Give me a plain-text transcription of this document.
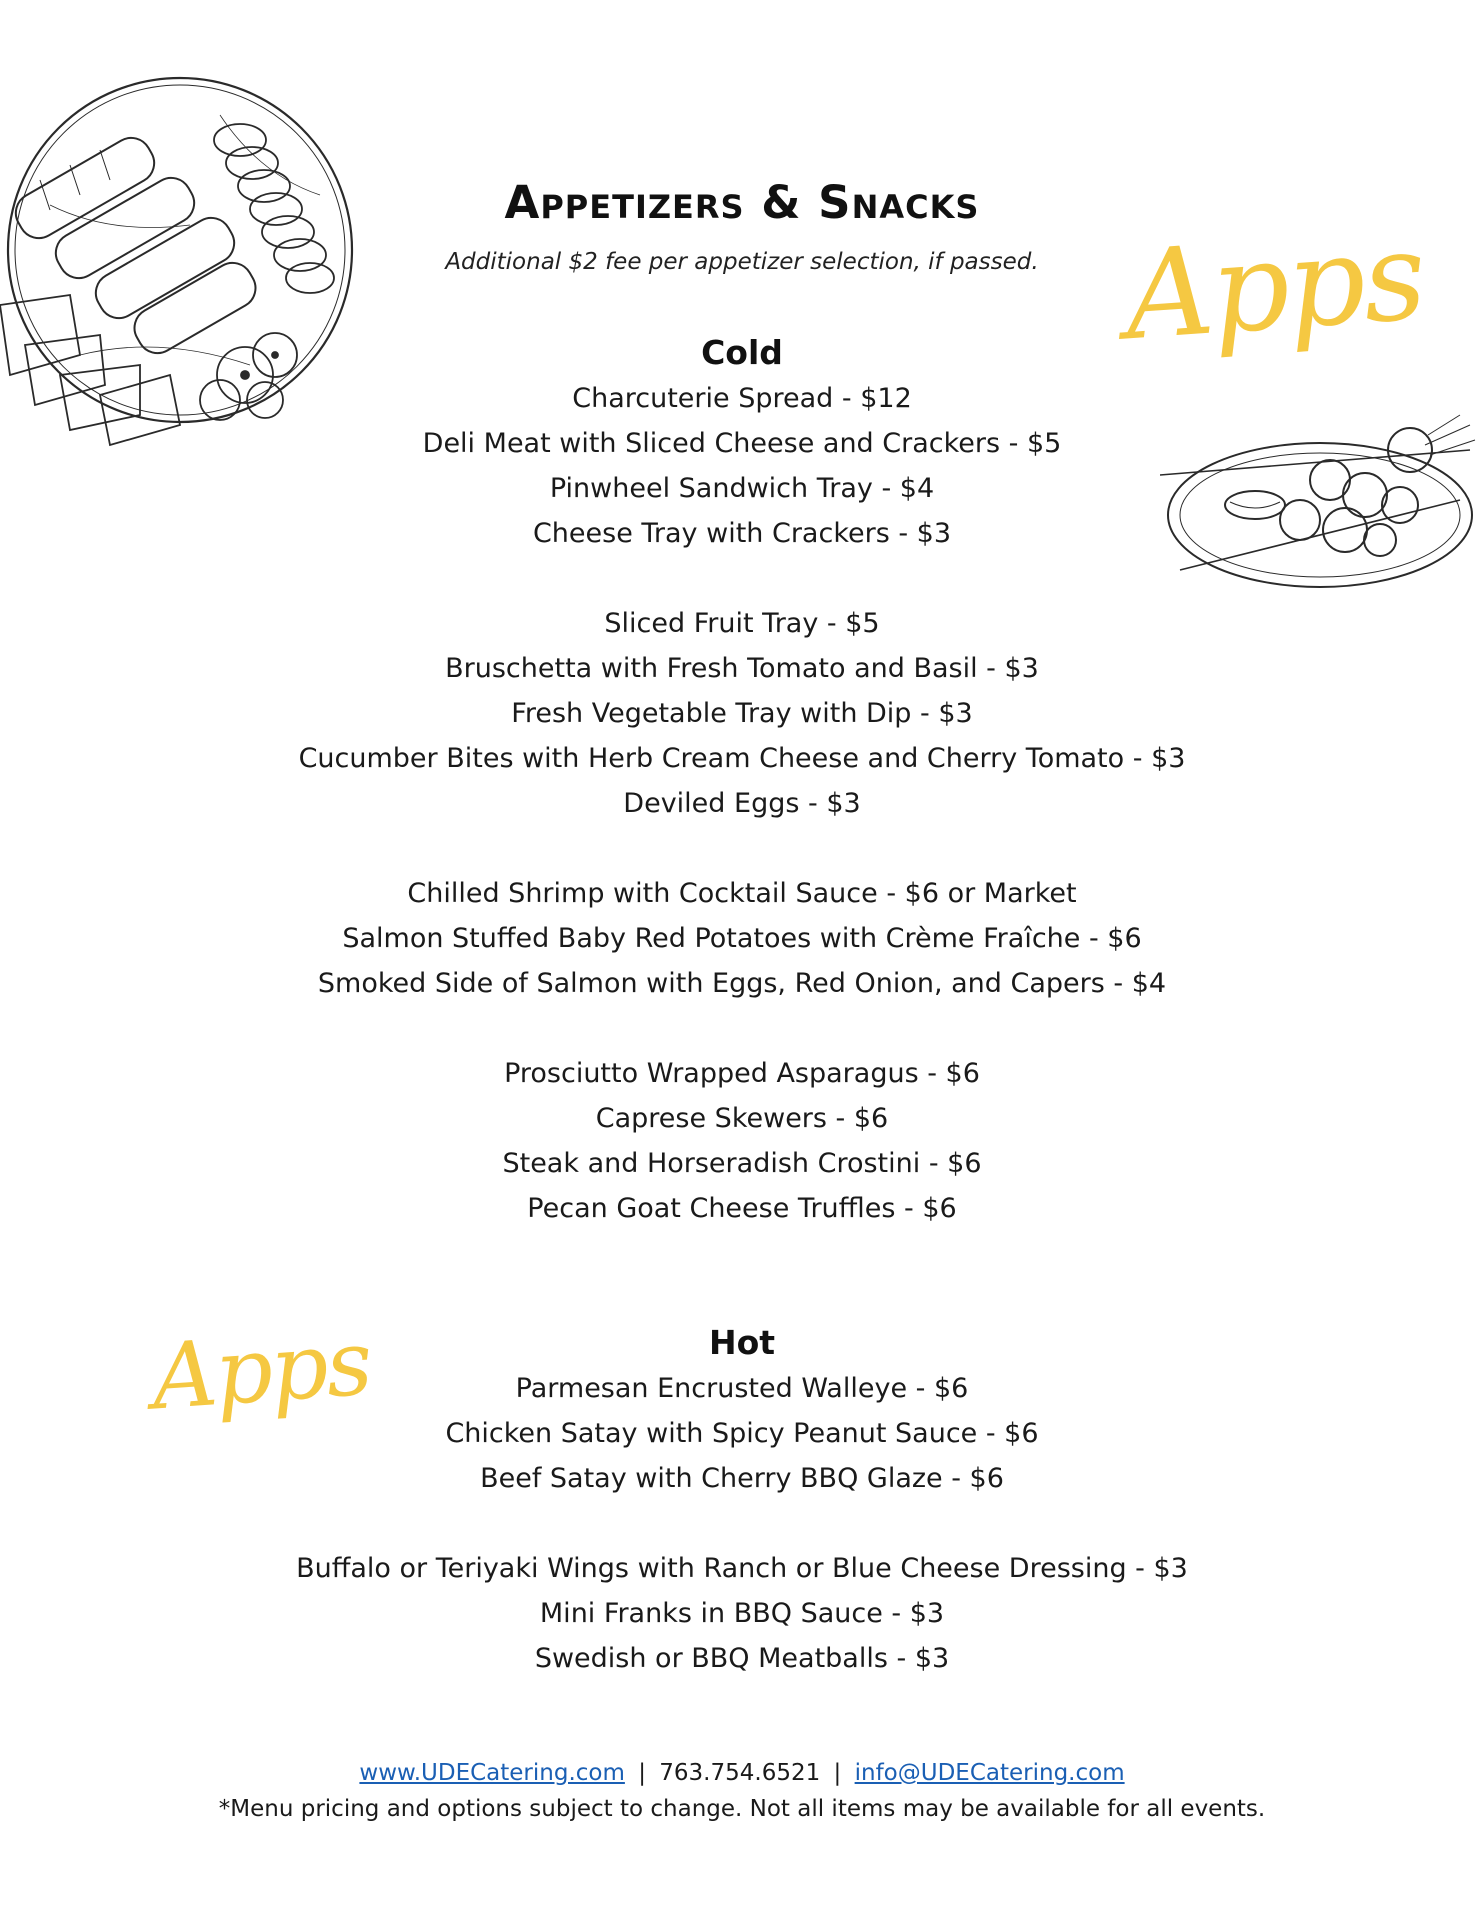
Apps
Apps
Appetizers & Snacks
Additional $2 fee per appetizer selection, if passed.
Cold
Charcuterie Spread - $12
Deli Meat with Sliced Cheese and Crackers - $5
Pinwheel Sandwich Tray - $4
Cheese Tray with Crackers - $3
Sliced Fruit Tray - $5
Bruschetta with Fresh Tomato and Basil - $3
Fresh Vegetable Tray with Dip - $3
Cucumber Bites with Herb Cream Cheese and Cherry Tomato - $3
Deviled Eggs - $3
Chilled Shrimp with Cocktail Sauce - $6 or Market
Salmon Stuffed Baby Red Potatoes with Crème Fraîche - $6
Smoked Side of Salmon with Eggs, Red Onion, and Capers - $4
Prosciutto Wrapped Asparagus - $6
Caprese Skewers - $6
Steak and Horseradish Crostini - $6
Pecan Goat Cheese Truffles - $6
Hot
Parmesan Encrusted Walleye - $6
Chicken Satay with Spicy Peanut Sauce - $6
Beef Satay with Cherry BBQ Glaze - $6
Buffalo or Teriyaki Wings with Ranch or Blue Cheese Dressing - $3
Mini Franks in BBQ Sauce - $3
Swedish or BBQ Meatballs - $3
www.UDECatering.com | 763.754.6521 | info@UDECatering.com
*Menu pricing and options subject to change. Not all items may be available for all events.
